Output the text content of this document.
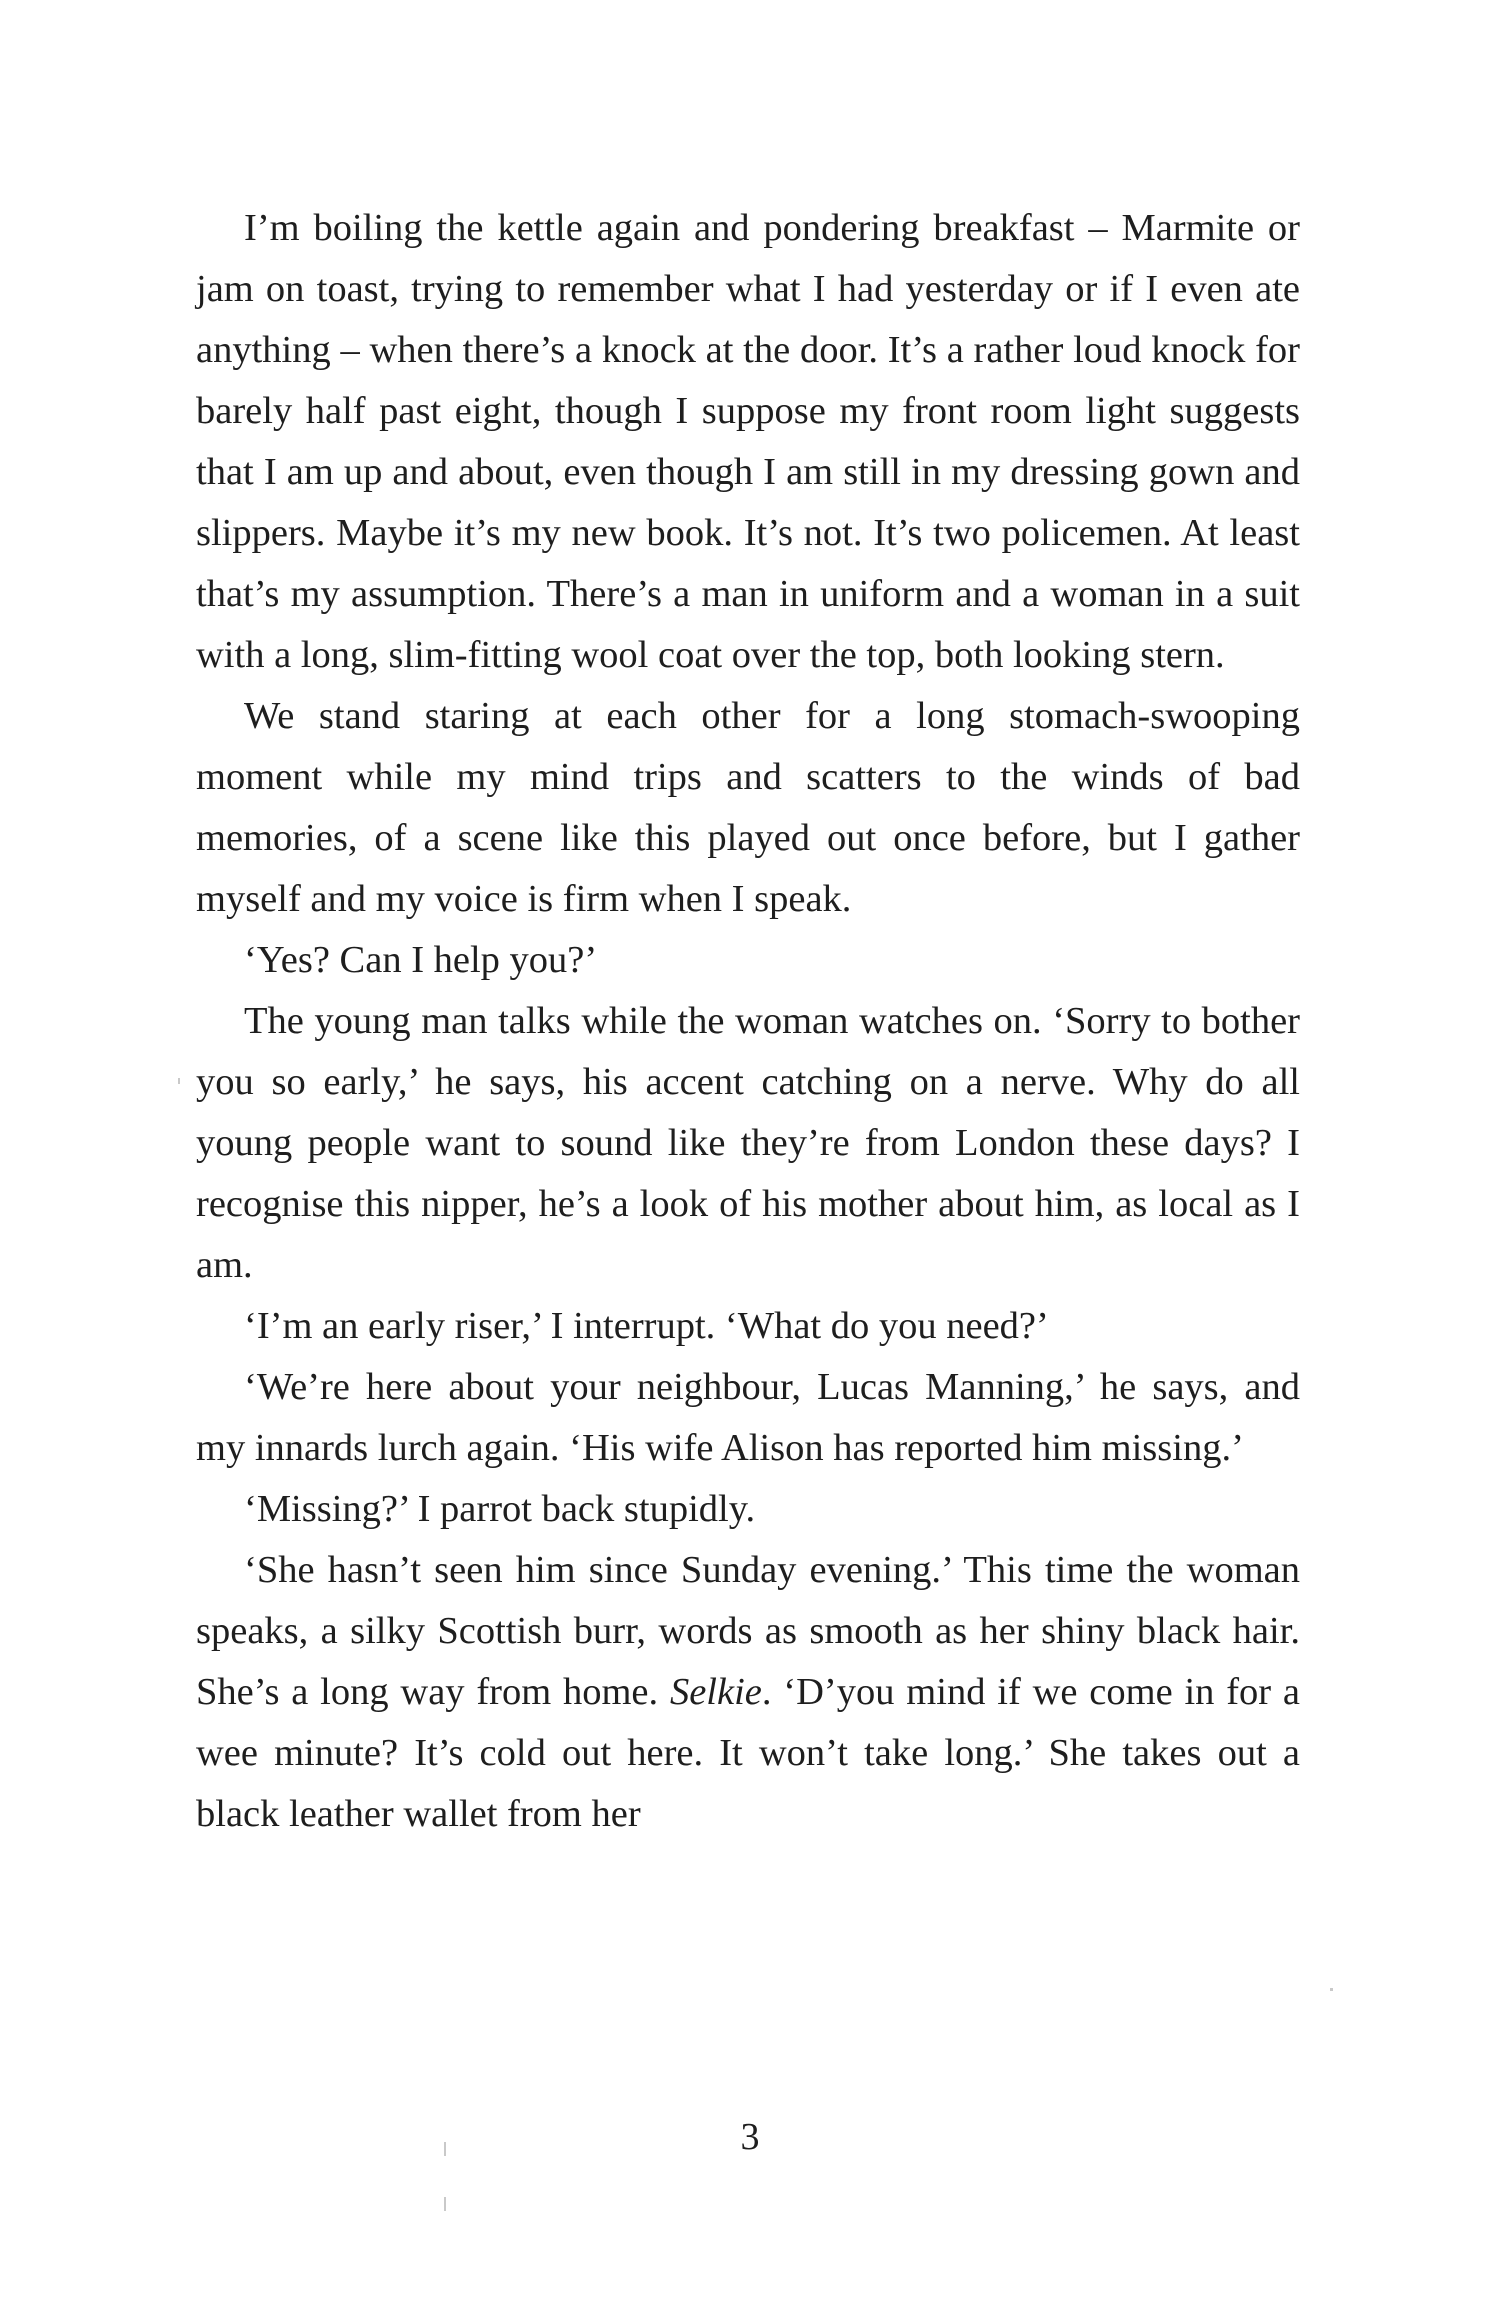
I’m boiling the kettle again and pondering breakfast – Marmite or jam on toast, trying to remember what I had yesterday or if I even ate anything – when there’s a knock at the door. It’s a rather loud knock for barely half past eight, though I suppose my front room light suggests that I am up and about, even though I am still in my dressing gown and slippers. Maybe it’s my new book. It’s not. It’s two policemen. At least that’s my assumption. There’s a man in uniform and a woman in a suit with a long, slim-fitting wool coat over the top, both looking stern.

We stand staring at each other for a long stomach-swooping moment while my mind trips and scatters to the winds of bad memories, of a scene like this played out once before, but I gather myself and my voice is firm when I speak.

‘Yes? Can I help you?’

The young man talks while the woman watches on. ‘Sorry to bother you so early,’ he says, his accent catching on a nerve. Why do all young people want to sound like they’re from London these days? I recognise this nipper, he’s a look of his mother about him, as local as I am.

‘I’m an early riser,’ I interrupt. ‘What do you need?’

‘We’re here about your neighbour, Lucas Manning,’ he says, and my innards lurch again. ‘His wife Alison has reported him missing.’

‘Missing?’ I parrot back stupidly.

‘She hasn’t seen him since Sunday evening.’ This time the woman speaks, a silky Scottish burr, words as smooth as her shiny black hair. She’s a long way from home. Selkie. ‘D’you mind if we come in for a wee minute? It’s cold out here. It won’t take long.’ She takes out a black leather wallet from her

3
